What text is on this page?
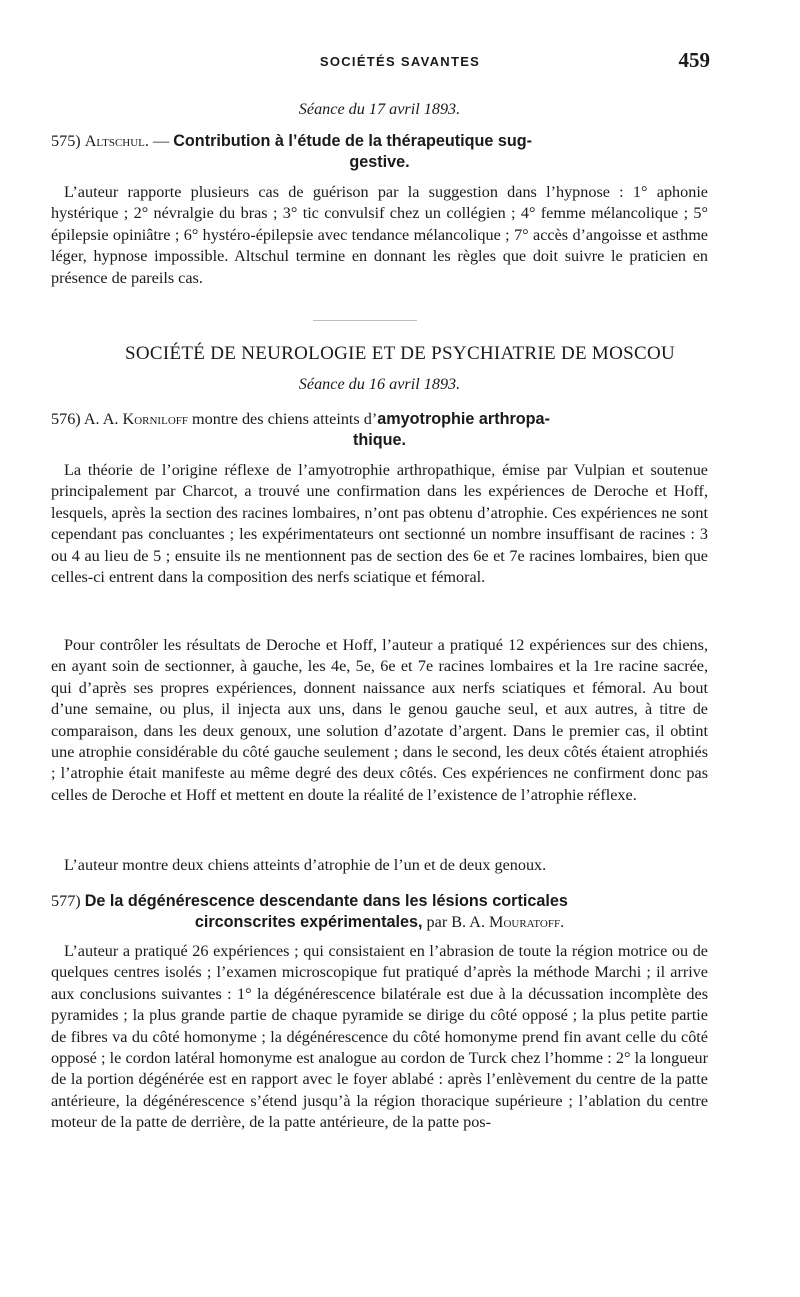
SOCIÉTÉS SAVANTES	459
Séance du 17 avril 1893.
575) Altschul. — Contribution à l’étude de la thérapeutique sug-
gestive.

L’auteur rapporte plusieurs cas de guérison par la suggestion dans l’hypnose : 1° aphonie hystérique ; 2° névralgie du bras ; 3° tic convulsif chez un collégien ; 4° femme mélancolique ; 5° épilepsie opiniâtre ; 6° hystéro-épilepsie avec tendance mélancolique ; 7° accès d’angoisse et asthme léger, hypnose impossible. Altschul termine en donnant les règles que doit suivre le praticien en présence de pareils cas.

SOCIÉTÉ DE NEUROLOGIE ET DE PSYCHIATRIE DE MOSCOU
Séance du 16 avril 1893.
576) A. A. Korniloff montre des chiens atteints d’amyotrophie arthropa-
thique.

La théorie de l’origine réflexe de l’amyotrophie arthropathique, émise par Vulpian et soutenue principalement par Charcot, a trouvé une confirmation dans les expériences de Deroche et Hoff, lesquels, après la section des racines lombaires, n’ont pas obtenu d’atrophie. Ces expériences ne sont cependant pas concluantes ; les expérimentateurs ont sectionné un nombre insuffisant de racines : 3 ou 4 au lieu de 5 ; ensuite ils ne mentionnent pas de section des 6e et 7e racines lombaires, bien que celles-ci entrent dans la composition des nerfs sciatique et fémoral.

Pour contrôler les résultats de Deroche et Hoff, l’auteur a pratiqué 12 expériences sur des chiens, en ayant soin de sectionner, à gauche, les 4e, 5e, 6e et 7e racines lombaires et la 1re racine sacrée, qui d’après ses propres expériences, donnent naissance aux nerfs sciatiques et fémoral. Au bout d’une semaine, ou plus, il injecta aux uns, dans le genou gauche seul, et aux autres, à titre de comparaison, dans les deux genoux, une solution d’azotate d’argent. Dans le premier cas, il obtint une atrophie considérable du côté gauche seulement ; dans le second, les deux côtés étaient atrophiés ; l’atrophie était manifeste au même degré des deux côtés. Ces expériences ne confirment donc pas celles de Deroche et Hoff et mettent en doute la réalité de l’existence de l’atrophie réflexe.

L’auteur montre deux chiens atteints d’atrophie de l’un et de deux genoux.

577) De la dégénérescence descendante dans les lésions corticales
circonscrites expérimentales, par B. A. Mouratoff.

L’auteur a pratiqué 26 expériences ; qui consistaient en l’abrasion de toute la région motrice ou de quelques centres isolés ; l’examen microscopique fut pratiqué d’après la méthode Marchi ; il arrive aux conclusions suivantes : 1° la dégénérescence bilatérale est due à la décussation incomplète des pyramides ; la plus grande partie de chaque pyramide se dirige du côté opposé ; la plus petite partie de fibres va du côté homonyme ; la dégénérescence du côté homonyme prend fin avant celle du côté opposé ; le cordon latéral homonyme est analogue au cordon de Turck chez l’homme : 2° la longueur de la portion dégénérée est en rapport avec le foyer ablabé : après l’enlèvement du centre de la patte antérieure, la dégénérescence s’étend jusqu’à la région thoracique supérieure ; l’ablation du centre moteur de la patte de derrière, de la patte antérieure, de la patte pos-
